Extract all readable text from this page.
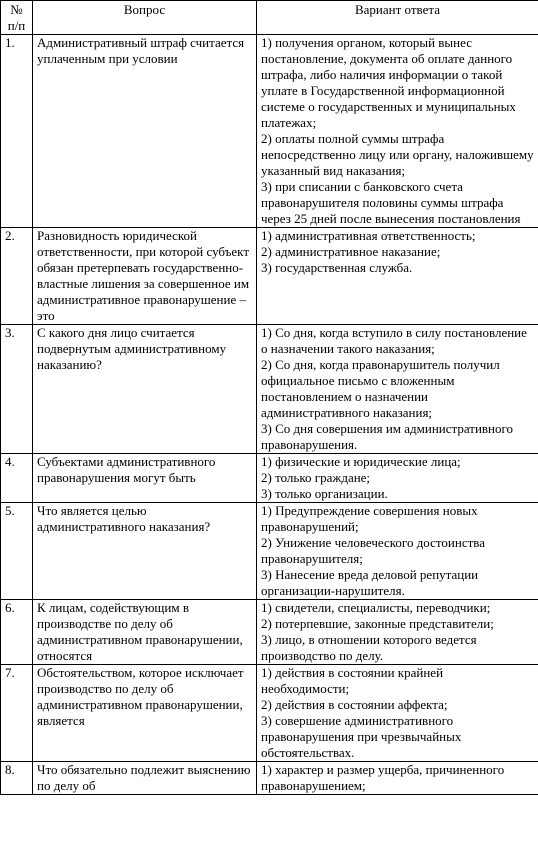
№ п/п	Вопрос	Вариант ответа
1.	Административный штраф считается уплаченным при условии	1) получения органом, который вынес постановление, документа об оплате данного штрафа, либо наличия информации о такой уплате в Государственной информационной системе о государственных и муниципальных платежах;
2) оплаты полной суммы штрафа непосредственно лицу или органу, наложившему указанный вид наказания;
3) при списании с банковского счета правонарушителя половины суммы штрафа через 25 дней после вынесения постановления

2.	Разновидность юридической ответственности, при которой субъект обязан претерпевать государственно-властные лишения за совершенное им административное правонарушение – это	1) административная ответственность;
2) административное наказание;
3) государственная служба.

3.	С какого дня лицо считается подвернутым административному наказанию?	1) Со дня, когда вступило в силу постановление о назначении такого наказания;
2) Со дня, когда правонарушитель получил официальное письмо с вложенным постановлением о назначении административного наказания;
3) Со дня совершения им административного правонарушения.

4.	Субъектами административного правонарушения могут быть	1) физические и юридические лица;
2) только граждане;
3) только организации.

5.	Что является целью административного наказания?	1) Предупреждение совершения новых правонарушений;
2) Унижение человеческого достоинства правонарушителя;
3) Нанесение вреда деловой репутации организации-нарушителя.

6.	К лицам, содействующим в производстве по делу об административном правонарушении, относятся	1) свидетели, специалисты, переводчики;
2) потерпевшие, законные представители;
3) лицо, в отношении которого ведется производство по делу.

7.	Обстоятельством, которое исключает производство по делу об административном правонарушении, является	1) действия в состоянии крайней необходимости;
2) действия в состоянии аффекта;
3) совершение административного правонарушения при чрезвычайных обстоятельствах.

8.	Что обязательно подлежит выяснению по делу об	1) характер и размер ущерба, причиненного правонарушением;
